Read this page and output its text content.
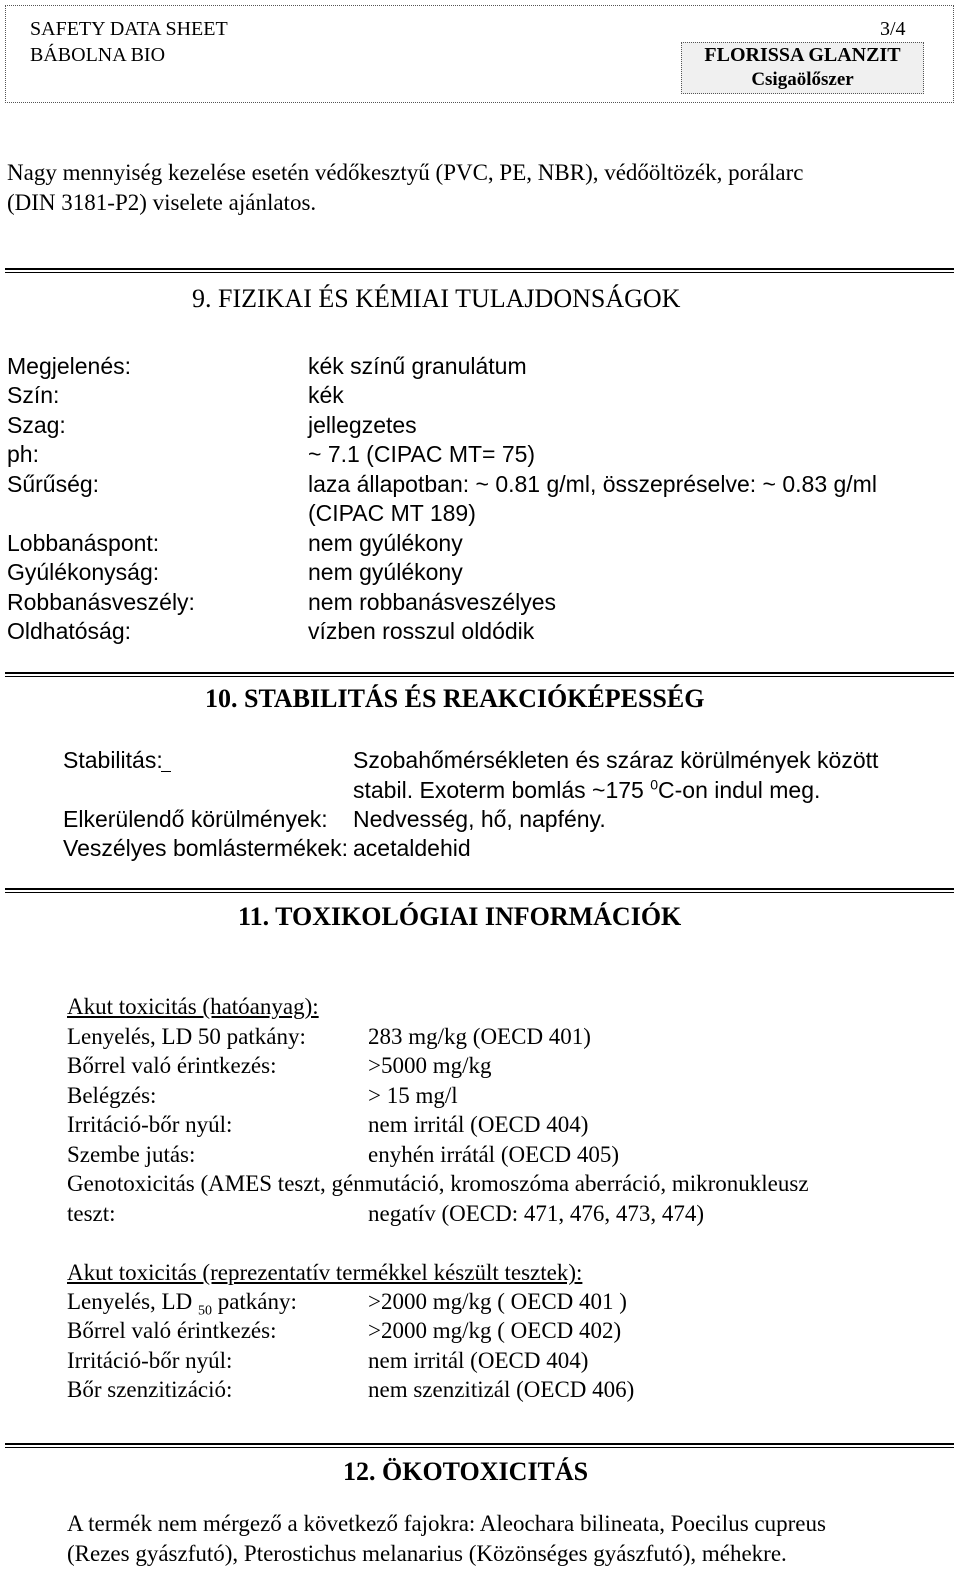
SAFETY DATA SHEET	3/4
BÁBOLNA BIO	FLORISSA GLANZIT
Csigaölőszer
Nagy mennyiség kezelése esetén védőkesztyű (PVC, PE, NBR), védőöltözék, porálarc
(DIN 3181-P2) viselete ajánlatos.
9. FIZIKAI ÉS KÉMIAI TULAJDONSÁGOK
Megjelenés:	kék színű granulátum
Szín:	kék
Szag:	jellegzetes
ph:	~ 7.1 (CIPAC MT= 75)
Sűrűség:	laza állapotban: ~ 0.81 g/ml, összepréselve: ~ 0.83 g/ml
(CIPAC MT 189)
Lobbanáspont:	nem gyúlékony
Gyúlékonyság:	nem gyúlékony
Robbanásveszély:	nem robbanásveszélyes
Oldhatóság:	vízben rosszul oldódik
10. STABILITÁS ÉS REAKCIÓKÉPESSÉG
Stabilitás:	Szobahőmérsékleten és száraz körülmények között
stabil. Exoterm bomlás ~175 $^0$C-on indul meg.
Elkerülendő körülmények: Nedvesség, hő, napfény.
Veszélyes bomlástermékek: acetaldehid
11. TOXIKOLÓGIAI INFORMÁCIÓK
Akut toxicitás (hatóanyag):
Lenyelés, LD 50 patkány:	283 mg/kg (OECD 401)
Bőrrel való érintkezés:	>5000 mg/kg
Belégzés:	> 15 mg/l
Irritáció-bőr nyúl:	nem irritál (OECD 404)
Szembe jutás:	enyhén irrátál (OECD 405)
Genotoxicitás (AMES teszt, génmutáció, kromoszóma aberráció, mikronukleusz
teszt:	negatív (OECD: 471, 476, 473, 474)
Akut toxicitás (reprezentatív termékkel készült tesztek):
Lenyelés, LD $_{50}$ patkány:	>2000 mg/kg ( OECD 401 )
Bőrrel való érintkezés:	>2000 mg/kg ( OECD 402)
Irritáció-bőr nyúl:	nem irritál (OECD 404)
Bőr szenzitizáció:	nem szenzitizál (OECD 406)
12. ÖKOTOXICITÁS
A termék nem mérgező a következő fajokra: Aleochara bilineata, Poecilus cupreus
(Rezes gyászfutó), Pterostichus melanarius (Közönséges gyászfutó), méhekre.
